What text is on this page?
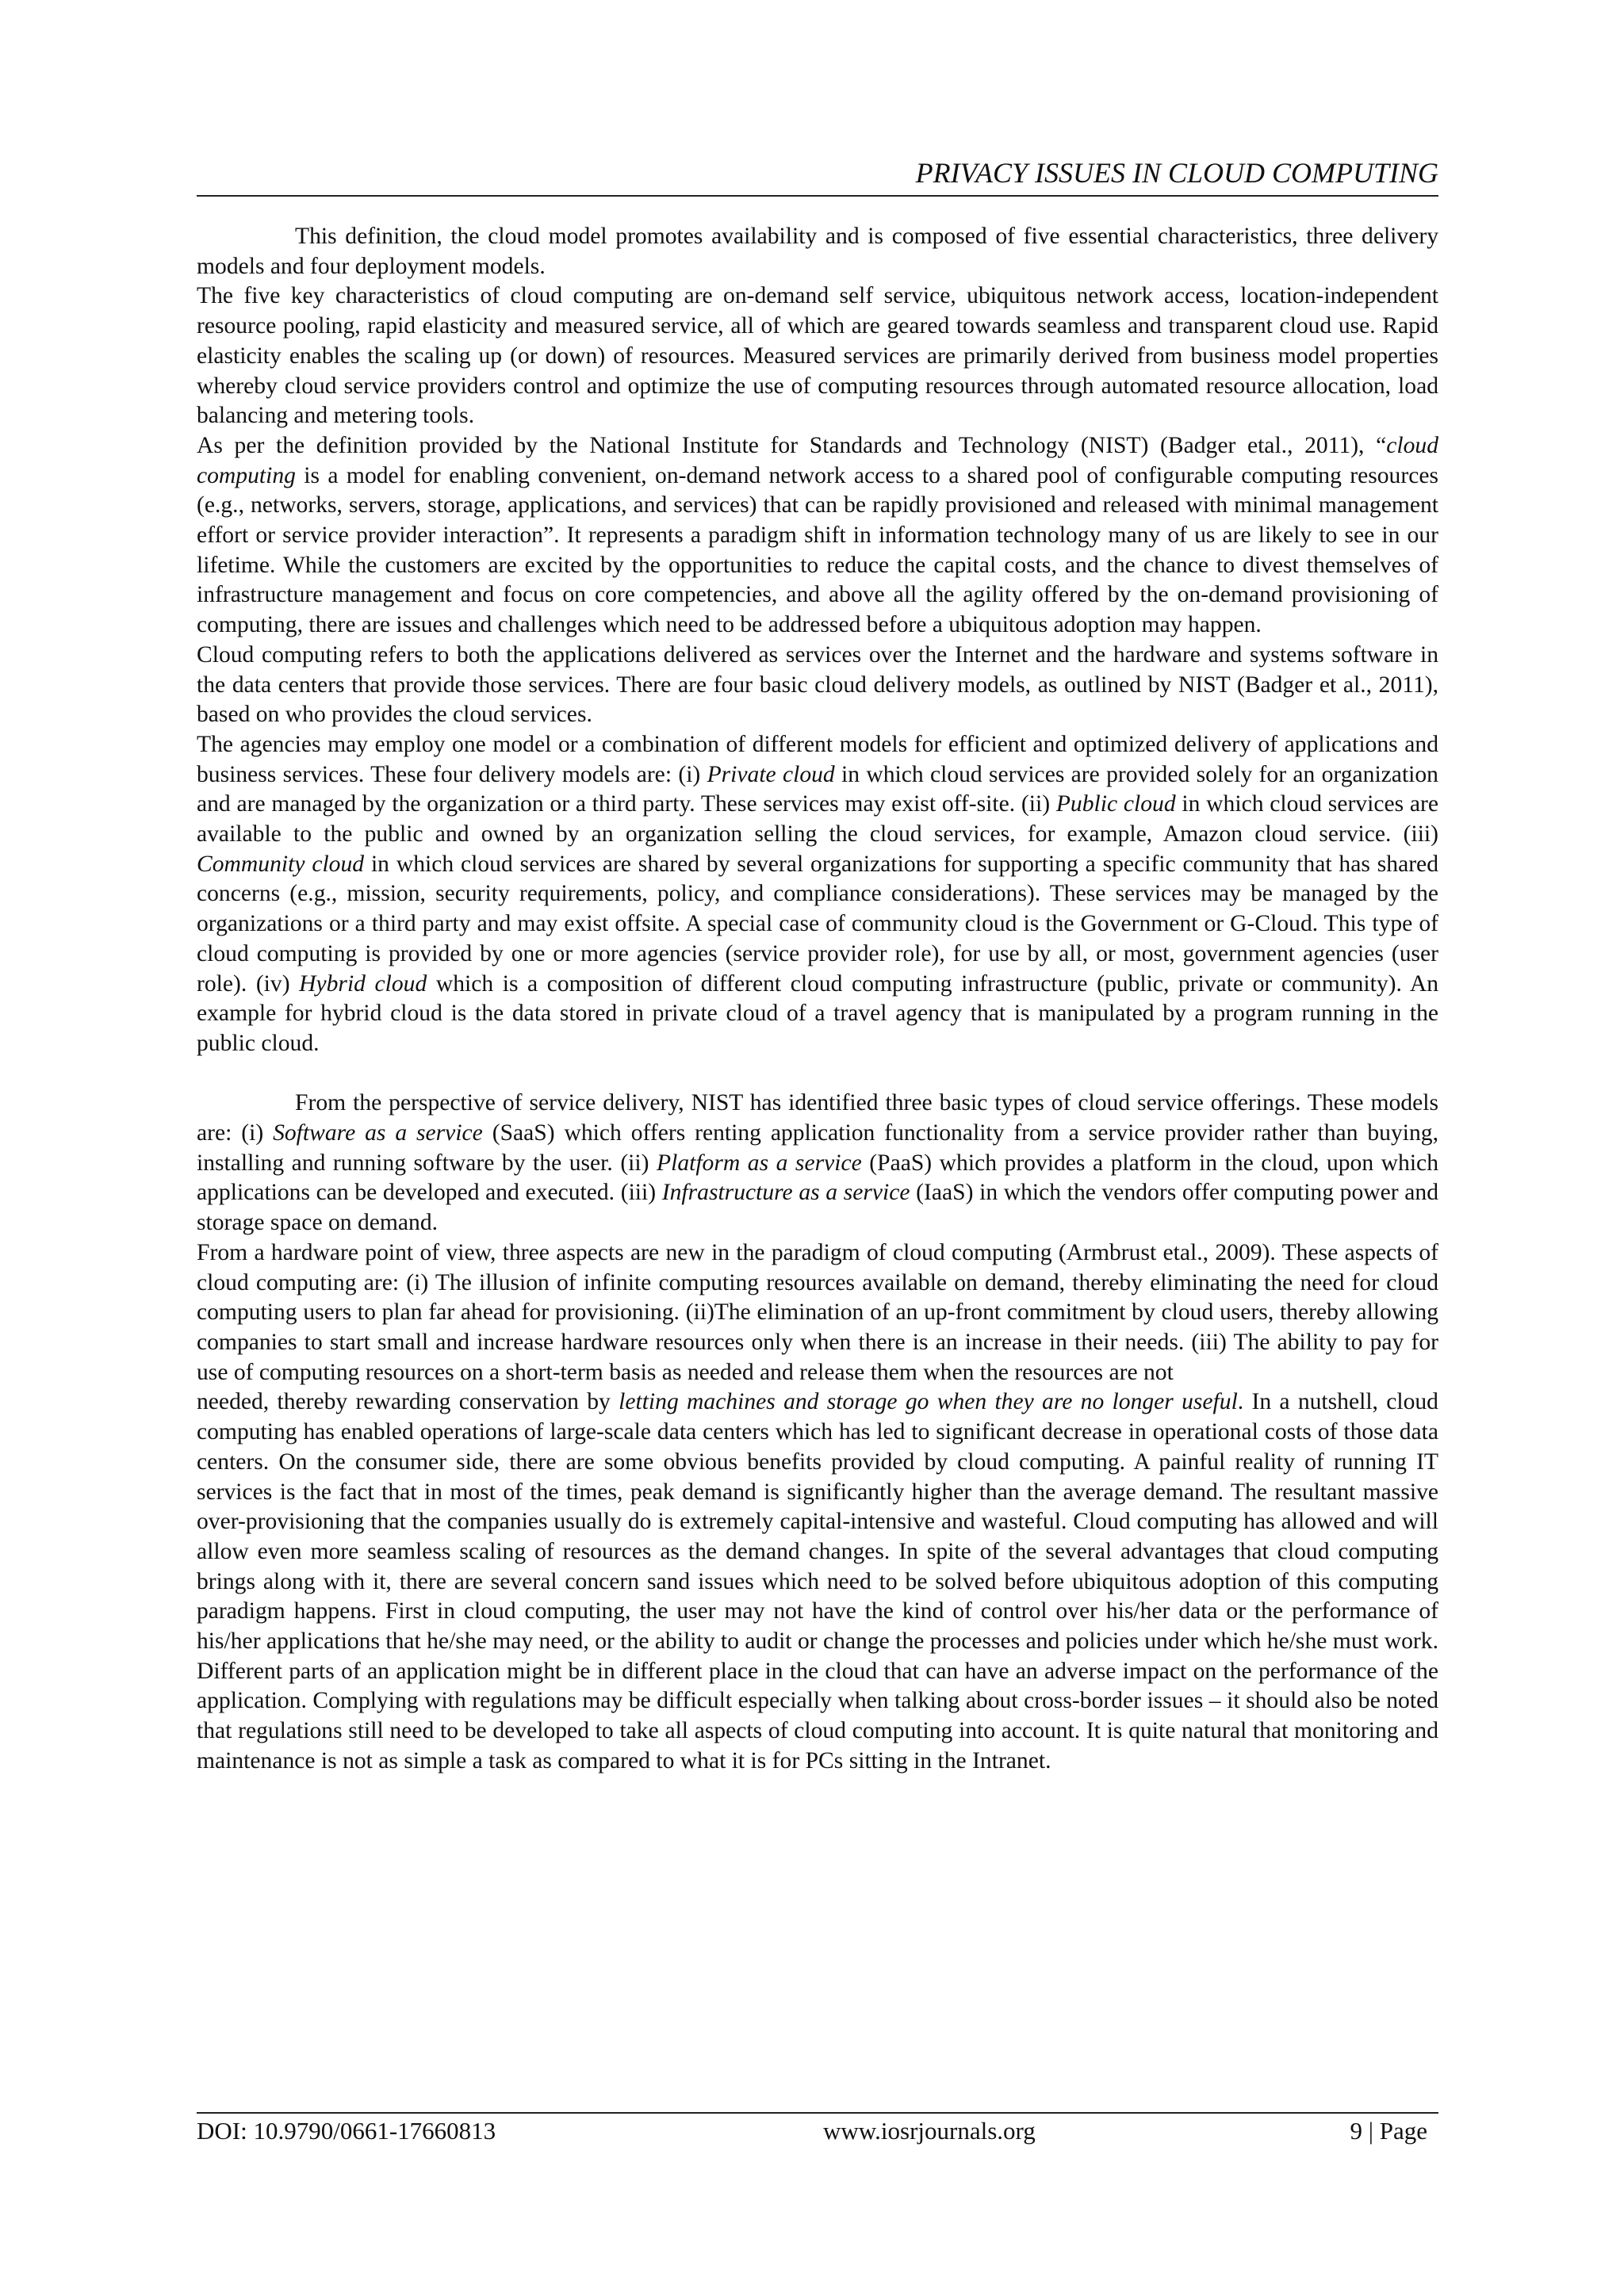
PRIVACY ISSUES IN CLOUD COMPUTING

This definition, the cloud model promotes availability and is composed of five essential characteristics, three delivery models and four deployment models.

The five key characteristics of cloud computing are on-demand self service, ubiquitous network access, location-independent resource pooling, rapid elasticity and measured service, all of which are geared towards seamless and transparent cloud use. Rapid elasticity enables the scaling up (or down) of resources. Measured services are primarily derived from business model properties whereby cloud service providers control and optimize the use of computing resources through automated resource allocation, load balancing and metering tools.

As per the definition provided by the National Institute for Standards and Technology (NIST) (Badger etal., 2011), “cloud computing is a model for enabling convenient, on-demand network access to a shared pool of configurable computing resources (e.g., networks, servers, storage, applications, and services) that can be rapidly provisioned and released with minimal management effort or service provider interaction”. It represents a paradigm shift in information technology many of us are likely to see in our lifetime. While the customers are excited by the opportunities to reduce the capital costs, and the chance to divest themselves of infrastructure management and focus on core competencies, and above all the agility offered by the on-demand provisioning of computing, there are issues and challenges which need to be addressed before a ubiquitous adoption may happen.

Cloud computing refers to both the applications delivered as services over the Internet and the hardware and systems software in the data centers that provide those services. There are four basic cloud delivery models, as outlined by NIST (Badger et al., 2011), based on who provides the cloud services.

The agencies may employ one model or a combination of different models for efficient and optimized delivery of applications and business services. These four delivery models are: (i) Private cloud in which cloud services are provided solely for an organization and are managed by the organization or a third party. These services may exist off-site. (ii) Public cloud in which cloud services are available to the public and owned by an organization selling the cloud services, for example, Amazon cloud service. (iii) Community cloud in which cloud services are shared by several organizations for supporting a specific community that has shared concerns (e.g., mission, security requirements, policy, and compliance considerations). These services may be managed by the organizations or a third party and may exist offsite. A special case of community cloud is the Government or G-Cloud. This type of cloud computing is provided by one or more agencies (service provider role), for use by all, or most, government agencies (user role). (iv) Hybrid cloud which is a composition of different cloud computing infrastructure (public, private or community). An example for hybrid cloud is the data stored in private cloud of a travel agency that is manipulated by a program running in the public cloud.

From the perspective of service delivery, NIST has identified three basic types of cloud service offerings. These models are: (i) Software as a service (SaaS) which offers renting application functionality from a service provider rather than buying, installing and running software by the user. (ii) Platform as a service (PaaS) which provides a platform in the cloud, upon which applications can be developed and executed. (iii) Infrastructure as a service (IaaS) in which the vendors offer computing power and storage space on demand.

From a hardware point of view, three aspects are new in the paradigm of cloud computing (Armbrust etal., 2009). These aspects of cloud computing are: (i) The illusion of infinite computing resources available on demand, thereby eliminating the need for cloud computing users to plan far ahead for provisioning. (ii)The elimination of an up-front commitment by cloud users, thereby allowing companies to start small and increase hardware resources only when there is an increase in their needs. (iii) The ability to pay for use of computing resources on a short-term basis as needed and release them when the resources are not

needed, thereby rewarding conservation by letting machines and storage go when they are no longer useful. In a nutshell, cloud computing has enabled operations of large-scale data centers which has led to significant decrease in operational costs of those data centers. On the consumer side, there are some obvious benefits provided by cloud computing. A painful reality of running IT services is the fact that in most of the times, peak demand is significantly higher than the average demand. The resultant massive over-provisioning that the companies usually do is extremely capital-intensive and wasteful. Cloud computing has allowed and will allow even more seamless scaling of resources as the demand changes. In spite of the several advantages that cloud computing brings along with it, there are several concern sand issues which need to be solved before ubiquitous adoption of this computing paradigm happens. First in cloud computing, the user may not have the kind of control over his/her data or the performance of his/her applications that he/she may need, or the ability to audit or change the processes and policies under which he/she must work. Different parts of an application might be in different place in the cloud that can have an adverse impact on the performance of the application. Complying with regulations may be difficult especially when talking about cross-border issues – it should also be noted that regulations still need to be developed to take all aspects of cloud computing into account. It is quite natural that monitoring and maintenance is not as simple a task as compared to what it is for PCs sitting in the Intranet.

DOI: 10.9790/0661-17660813	www.iosrjournals.org	9 | Page
